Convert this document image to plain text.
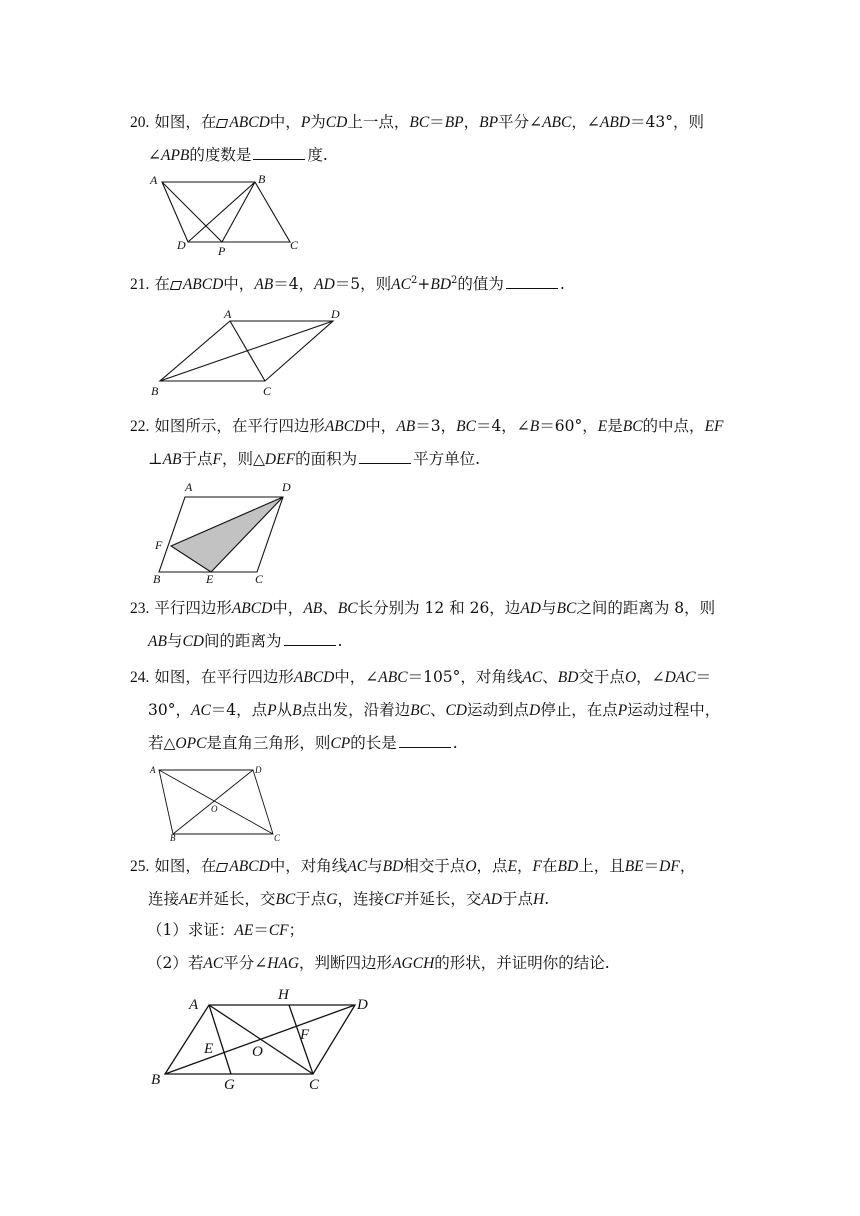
20. 如图，在 ABCD中，P为CD上一点，BC＝BP，BP平分∠ABC，∠ABD＝43°，则

∠APB的度数是	度.

A	B
C
D	P

21. 在 ABCD中，AB＝4，AD＝5，则$AC^2+BD^2$的值为	.

A	D
B	C

22. 如图所示，在平行四边形ABCD中，AB＝3，BC＝4，∠B＝60°，E是BC的中点，EF

⊥AB于点F，则△DEF的面积为	平方单位.

A	D
F
B	E	C

23. 平行四边形ABCD中，AB、BC长分别为 12 和 26，边AD与BC之间的距离为 8，则

AB与CD间的距离为	.

24. 如图，在平行四边形ABCD中，∠ABC＝105°，对角线AC、BD交于点O，∠DAC＝

30°，AC＝4，点P从B点出发，沿着边BC、CD运动到点D停止，在点P运动过程中，

若△OPC是直角三角形，则CP的长是	.

A	D
O
B	C

25. 如图，在 ABCD中，对角线AC与BD相交于点O，点E，F在BD上，且BE＝DF，

连接AE并延长，交BC于点G，连接CF并延长，交AD于点H.

（1）求证：AE＝CF；

（2）若AC平分∠HAG，判断四边形AGCH的形状，并证明你的结论.

A
H
D
E	O
F
B	G	C
